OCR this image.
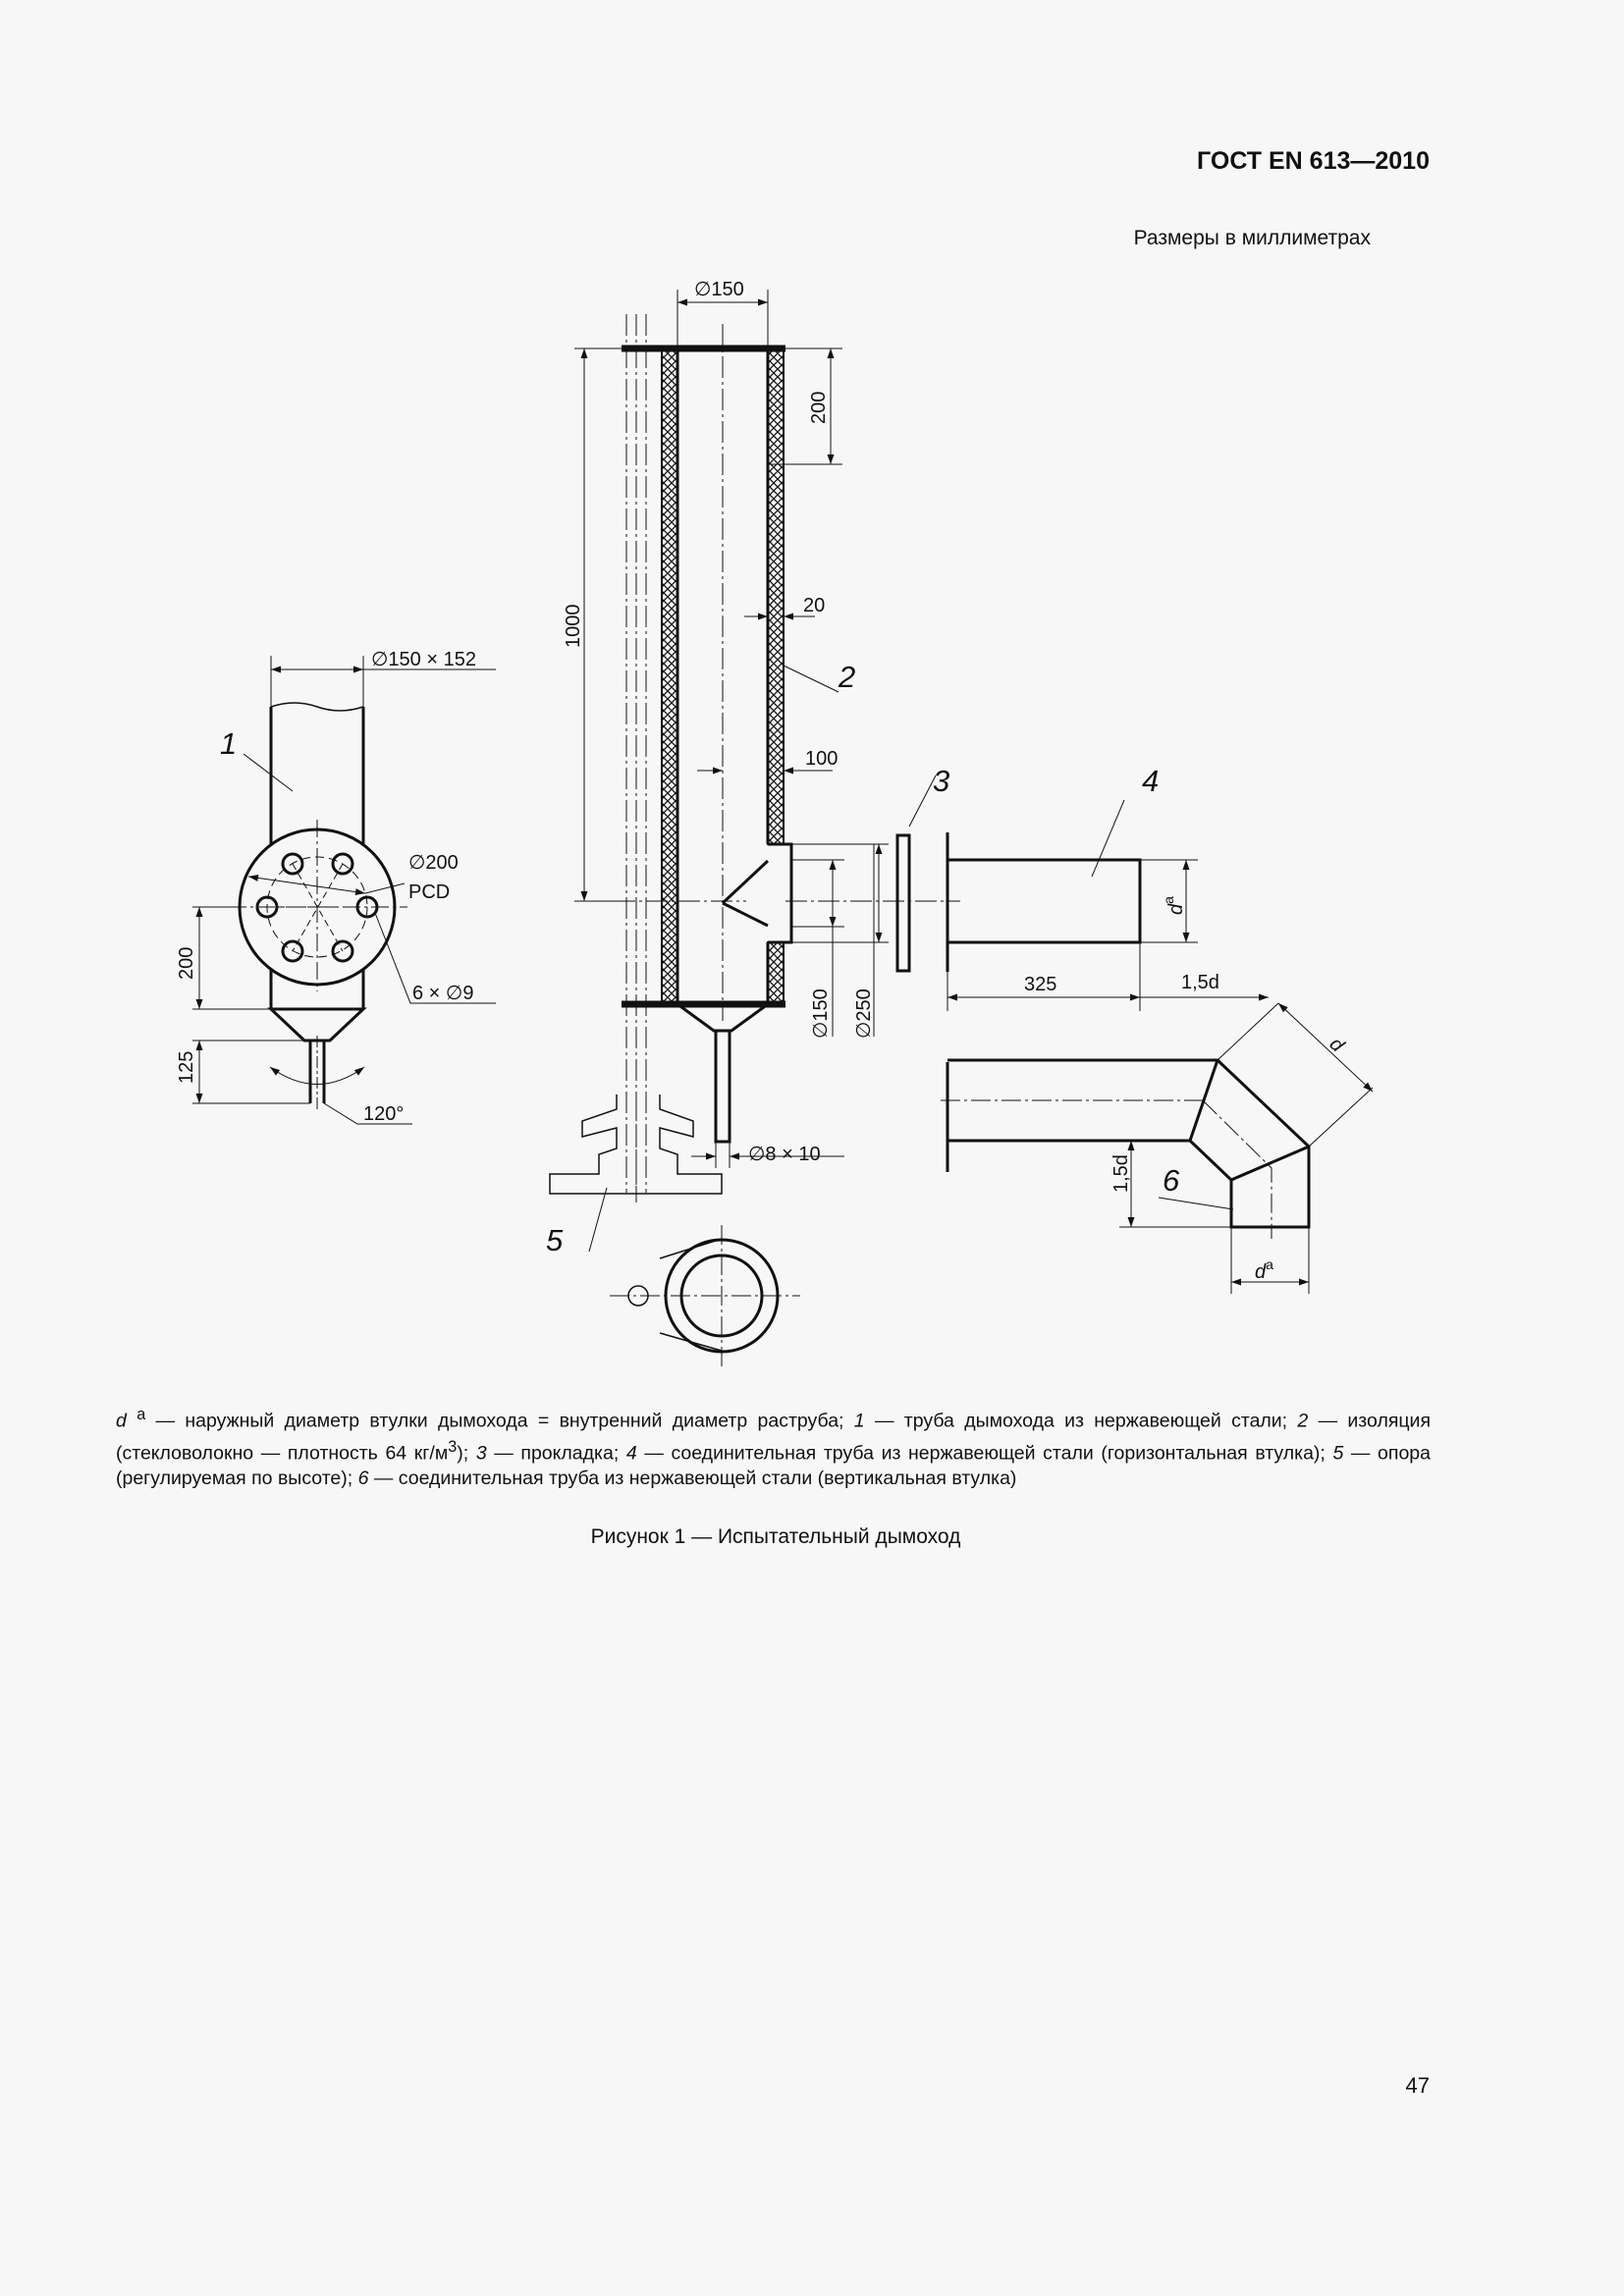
ГОСТ EN 613—2010
Размеры в миллиметрах
∅150 × 152
∅200
PCD
6 × ∅9
200
125
120°
∅150
200
1000	20
100
∅150 ∅250
∅8 × 10
325	1,5d
$d^a$
d
1,5d
$d^a$
1
2
3	4
5
6
d $^a$ — наружный диаметр втулки дымохода = внутренний диаметр раструба; 1 — труба дымохода из нержавеющей стали; 2 — изоляция (стекловолокно — плотность 64 $кг/м^3$); 3 — прокладка; 4 — соединительная труба из нержавеющей стали (горизонтальная втулка); 5 — опора (регулируемая по высоте); 6 — соединительная труба из нержавеющей стали (вертикальная втулка)
Рисунок 1 — Испытательный дымоход
47
